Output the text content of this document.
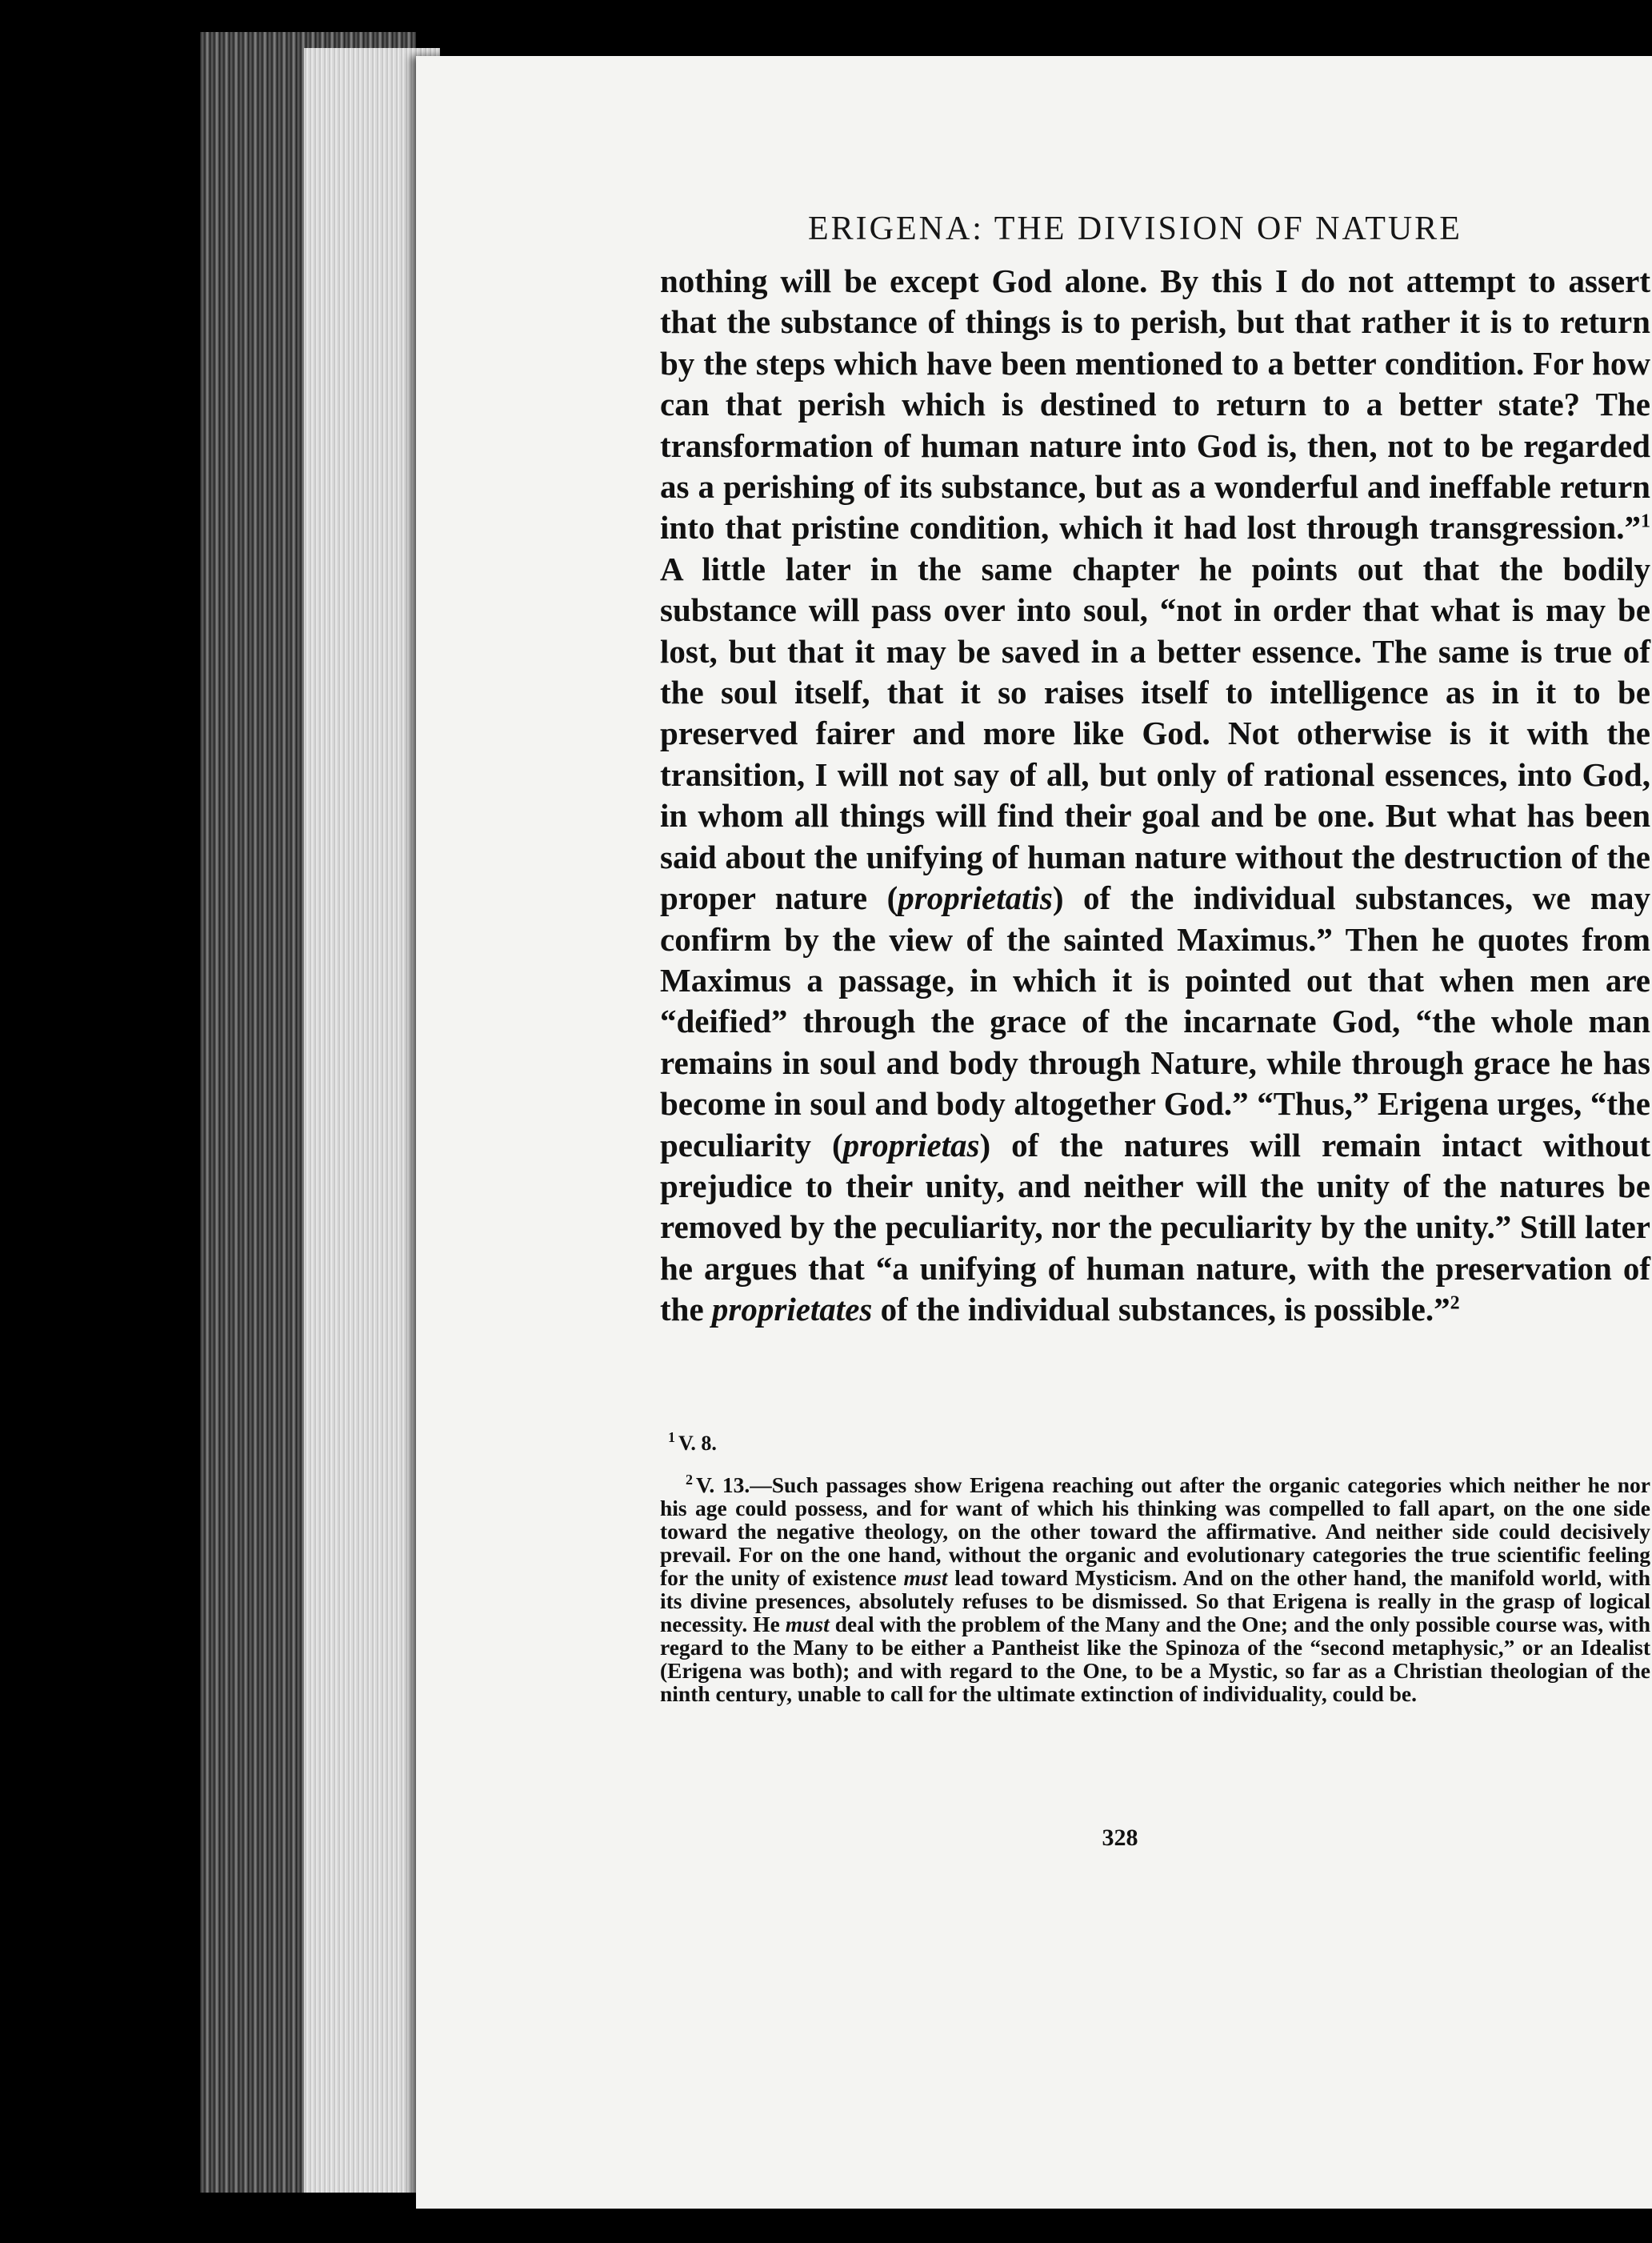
ERIGENA: THE DIVISION OF NATURE

nothing will be except God alone. By this I do not attempt to assert that the substance of things is to perish, but that rather it is to return by the steps which have been mentioned to a better condition. For how can that perish which is destined to return to a better state? The transformation of human nature into God is, then, not to be regarded as a perishing of its substance, but as a wonderful and ineffable return into that pristine condition, which it had lost through transgression.”$^1$ A little later in the same chapter he points out that the bodily substance will pass over into soul, “not in order that what is may be lost, but that it may be saved in a better essence. The same is true of the soul itself, that it so raises itself to intelligence as in it to be preserved fairer and more like God. Not otherwise is it with the transition, I will not say of all, but only of rational essences, into God, in whom all things will find their goal and be one. But what has been said about the unifying of human nature without the destruction of the proper nature (proprietatis) of the individual substances, we may confirm by the view of the sainted Maximus.” Then he quotes from Maximus a passage, in which it is pointed out that when men are “deified” through the grace of the incarnate God, “the whole man remains in soul and body through Nature, while through grace he has become in soul and body altogether God.” “Thus,” Erigena urges, “the peculiarity (proprietas) of the natures will remain intact without prejudice to their unity, and neither will the unity of the natures be removed by the peculiarity, nor the peculiarity by the unity.” Still later he argues that “a unifying of human nature, with the preservation of the proprietates of the individual substances, is possible.”$^2$

$^1$ V. 8.

$^2$ V. 13.—Such passages show Erigena reaching out after the organic categories which neither he nor his age could possess, and for want of which his thinking was compelled to fall apart, on the one side toward the negative theology, on the other toward the affirmative. And neither side could decisively prevail. For on the one hand, without the organic and evolutionary categories the true scientific feeling for the unity of existence must lead toward Mysticism. And on the other hand, the manifold world, with its divine presences, absolutely refuses to be dismissed. So that Erigena is really in the grasp of logical necessity. He must deal with the problem of the Many and the One; and the only possible course was, with regard to the Many to be either a Pantheist like the Spinoza of the “second metaphysic,” or an Idealist (Erigena was both); and with regard to the One, to be a Mystic, so far as a Christian theologian of the ninth century, unable to call for the ultimate extinction of individuality, could be.

328
